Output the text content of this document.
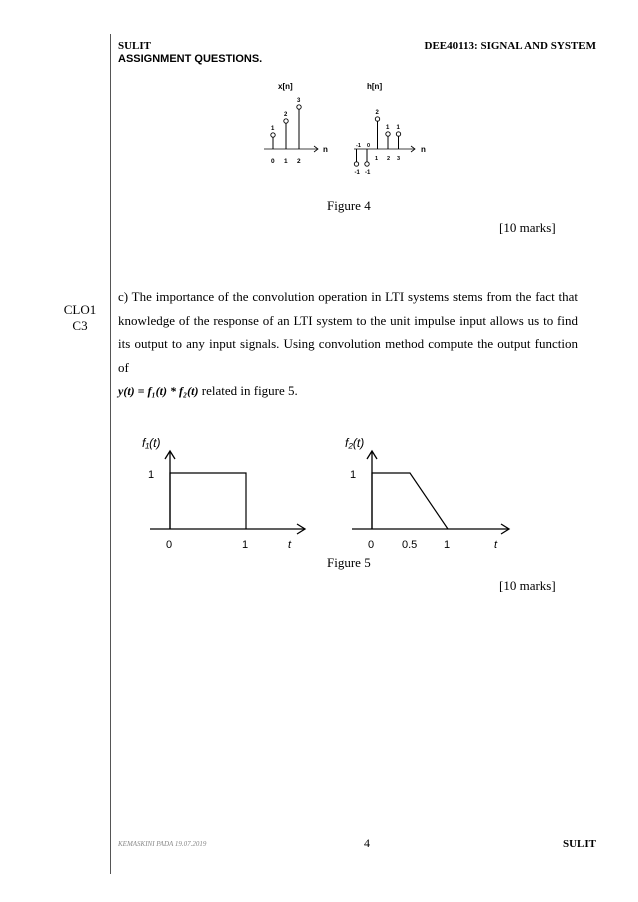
SULIT
ASSIGNMENT QUESTIONS.
DEE40113: SIGNAL AND SYSTEM
x[n]
n
1
2
3
0 1 2
h[n]
n
-1 -1
2
1 1
-1 0
1 2 3
Figure 4
[10 marks]
CLO1
C3
c) The importance of the convolution operation in LTI systems stems from the fact that knowledge of the response of an LTI system to the unit impulse input allows us to find its output to any input signals. Using convolution method compute the output function of
y(t) = f₁(t) * f₂(t) related in figure 5.
f₁(t)
1
0	1	t
f₂(t)
1
0	0.5 1	t
Figure 5
[10 marks]
KEMASKINI PADA 19.07.2019	4	SULIT
